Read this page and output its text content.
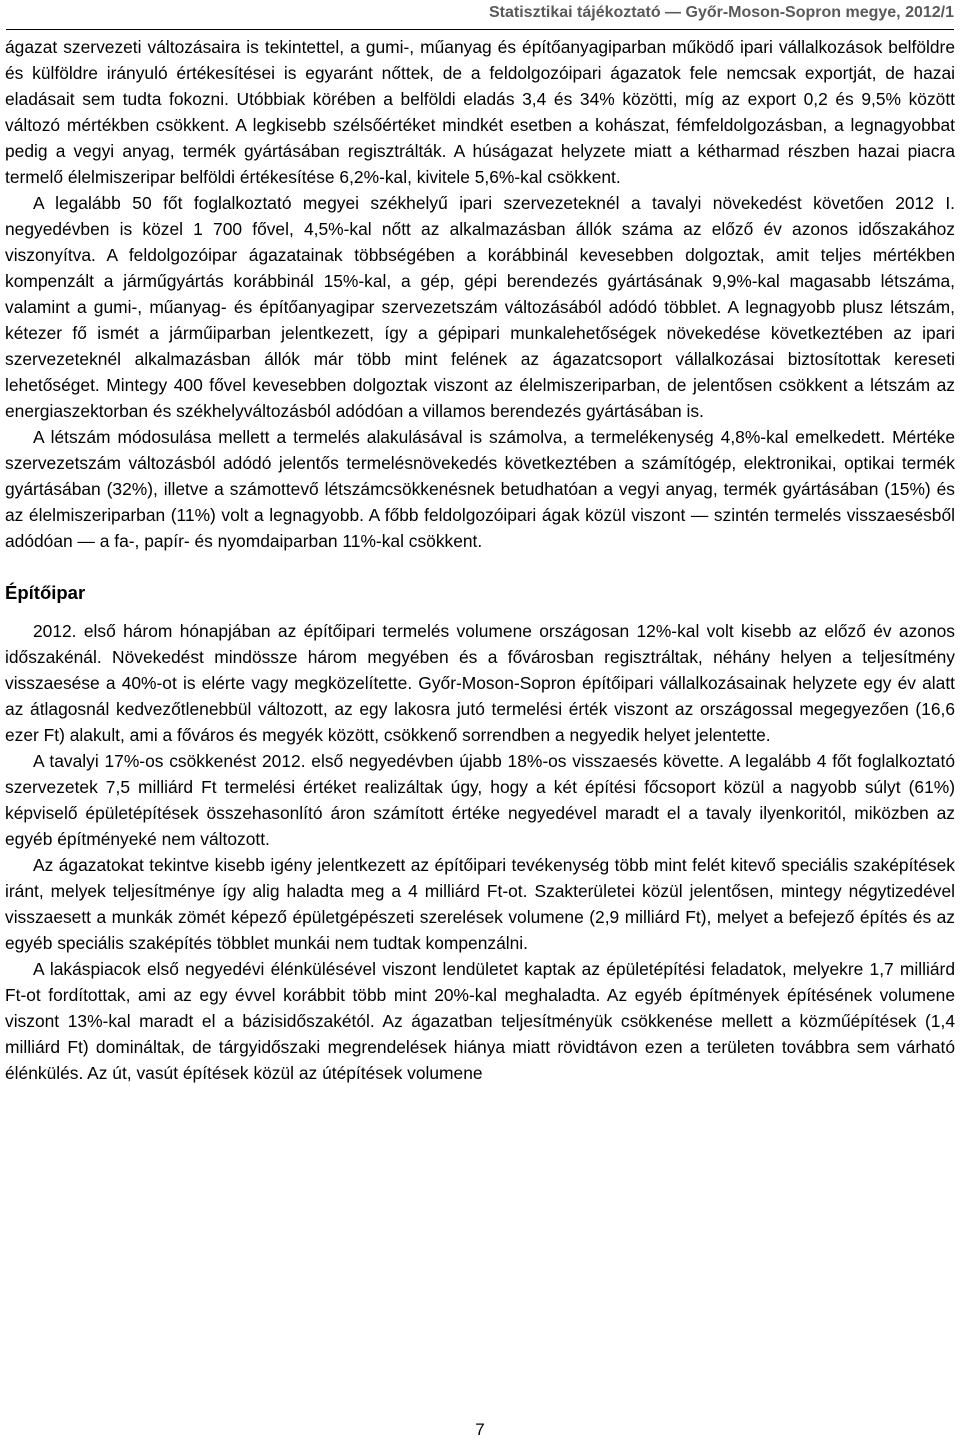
Statisztikai tájékoztató — Győr-Moson-Sopron megye, 2012/1

ágazat szervezeti változásaira is tekintettel, a gumi-, műanyag és építőanyagiparban működő ipari vállalkozások belföldre és külföldre irányuló értékesítései is egyaránt nőttek, de a feldolgozóipari ágazatok fele nemcsak exportját, de hazai eladásait sem tudta fokozni. Utóbbiak körében a belföldi eladás 3,4 és 34% közötti, míg az export 0,2 és 9,5% között változó mértékben csökkent. A legkisebb szélsőértéket mindkét esetben a kohászat, fémfeldolgozásban, a legnagyobbat pedig a vegyi anyag, termék gyártásában regisztrálták. A húságazat helyzete miatt a kétharmad részben hazai piacra termelő élelmiszeripar belföldi értékesítése 6,2%-kal, kivitele 5,6%-kal csökkent.

A legalább 50 főt foglalkoztató megyei székhelyű ipari szervezeteknél a tavalyi növekedést követően 2012 I. negyedévben is közel 1 700 fővel, 4,5%-kal nőtt az alkalmazásban állók száma az előző év azonos időszakához viszonyítva. A feldolgozóipar ágazatainak többségében a korábbinál kevesebben dolgoztak, amit teljes mértékben kompenzált a járműgyártás korábbinál 15%-kal, a gép, gépi berendezés gyártásának 9,9%-kal magasabb létszáma, valamint a gumi-, műanyag- és építőanyagipar szervezetszám változásából adódó többlet. A legnagyobb plusz létszám, kétezer fő ismét a járműiparban jelentkezett, így a gépipari munkalehetőségek növekedése következtében az ipari szervezeteknél alkalmazásban állók már több mint felének az ágazatcsoport vállalkozásai biztosítottak kereseti lehetőséget. Mintegy 400 fővel kevesebben dolgoztak viszont az élelmiszeriparban, de jelentősen csökkent a létszám az energiaszektorban és székhelyváltozásból adódóan a villamos berendezés gyártásában is.

A létszám módosulása mellett a termelés alakulásával is számolva, a termelékenység 4,8%-kal emelkedett. Mértéke szervezetszám változásból adódó jelentős termelésnövekedés következtében a számítógép, elektronikai, optikai termék gyártásában (32%), illetve a számottevő létszámcsökkenésnek betudhatóan a vegyi anyag, termék gyártásában (15%) és az élelmiszeriparban (11%) volt a legnagyobb. A főbb feldolgozóipari ágak közül viszont — szintén termelés visszaesésből adódóan — a fa-, papír- és nyomdaiparban 11%-kal csökkent.

Építőipar

2012. első három hónapjában az építőipari termelés volumene országosan 12%-kal volt kisebb az előző év azonos időszakénál. Növekedést mindössze három megyében és a fővárosban regisztráltak, néhány helyen a teljesítmény visszaesése a 40%-ot is elérte vagy megközelítette. Győr-Moson-Sopron építőipari vállalkozásainak helyzete egy év alatt az átlagosnál kedvezőtlenebbül változott, az egy lakosra jutó termelési érték viszont az országossal megegyezően (16,6 ezer Ft) alakult, ami a főváros és megyék között, csökkenő sorrendben a negyedik helyet jelentette.

A tavalyi 17%-os csökkenést 2012. első negyedévben újabb 18%-os visszaesés követte. A legalább 4 főt foglalkoztató szervezetek 7,5 milliárd Ft termelési értéket realizáltak úgy, hogy a két építési főcsoport közül a nagyobb súlyt (61%) képviselő épületépítések összehasonlító áron számított értéke negyedével maradt el a tavaly ilyenkoritól, miközben az egyéb építményeké nem változott.

Az ágazatokat tekintve kisebb igény jelentkezett az építőipari tevékenység több mint felét kitevő speciális szaképítések iránt, melyek teljesítménye így alig haladta meg a 4 milliárd Ft-ot. Szakterületei közül jelentősen, mintegy négytizedével visszaesett a munkák zömét képező épületgépészeti szerelések volumene (2,9 milliárd Ft), melyet a befejező építés és az egyéb speciális szaképítés többlet munkái nem tudtak kompenzálni.

A lakáspiacok első negyedévi élénkülésével viszont lendületet kaptak az épületépítési feladatok, melyekre 1,7 milliárd Ft-ot fordítottak, ami az egy évvel korábbit több mint 20%-kal meghaladta. Az egyéb építmények építésének volumene viszont 13%-kal maradt el a bázisidőszakétól. Az ágazatban teljesítményük csökkenése mellett a közműépítések (1,4 milliárd Ft) domináltak, de tárgyidőszaki megrendelések hiánya miatt rövidtávon ezen a területen továbbra sem várható élénkülés. Az út, vasút építések közül az útépítések volumene

7
